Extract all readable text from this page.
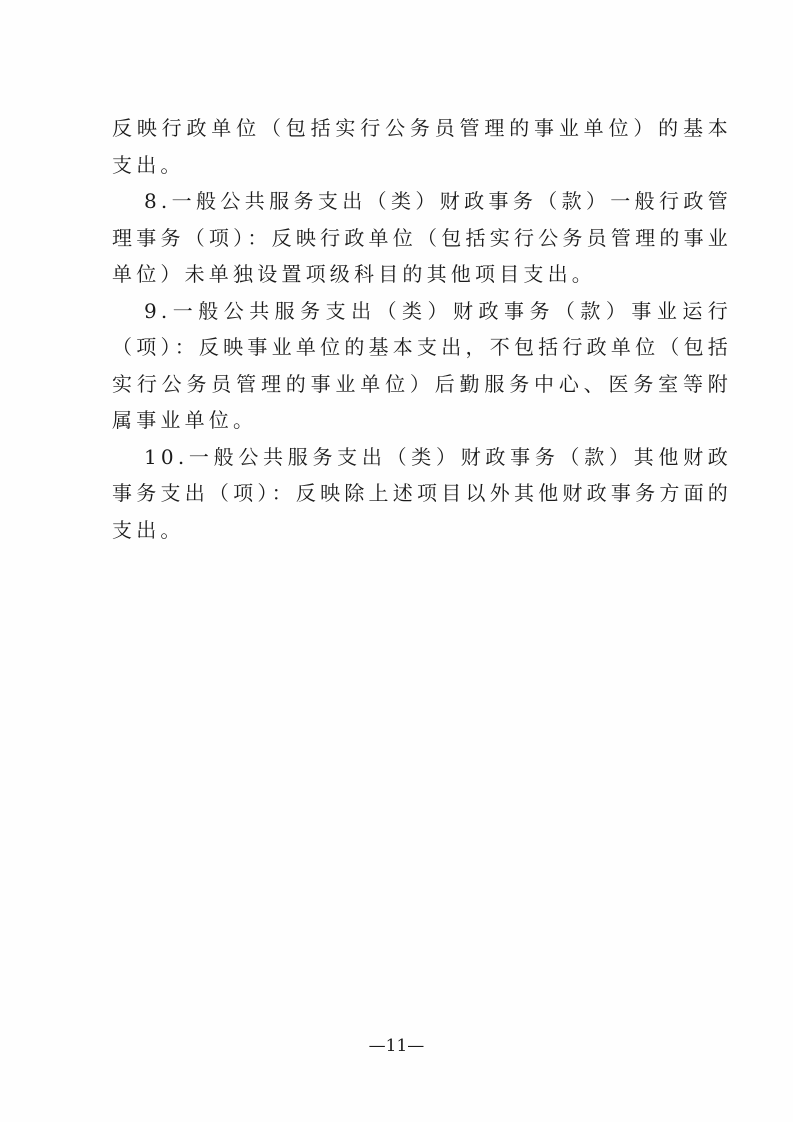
反映行政单位（包括实行公务员管理的事业单位）的基本支出。

8.一般公共服务支出（类）财政事务（款）一般行政管理事务（项）：反映行政单位（包括实行公务员管理的事业单位）未单独设置项级科目的其他项目支出。

9.一般公共服务支出（类）财政事务（款）事业运行（项）：反映事业单位的基本支出，不包括行政单位（包括实行公务员管理的事业单位）后勤服务中心、医务室等附属事业单位。

10.一般公共服务支出（类）财政事务（款）其他财政事务支出（项）：反映除上述项目以外其他财政事务方面的支出。

—11—
